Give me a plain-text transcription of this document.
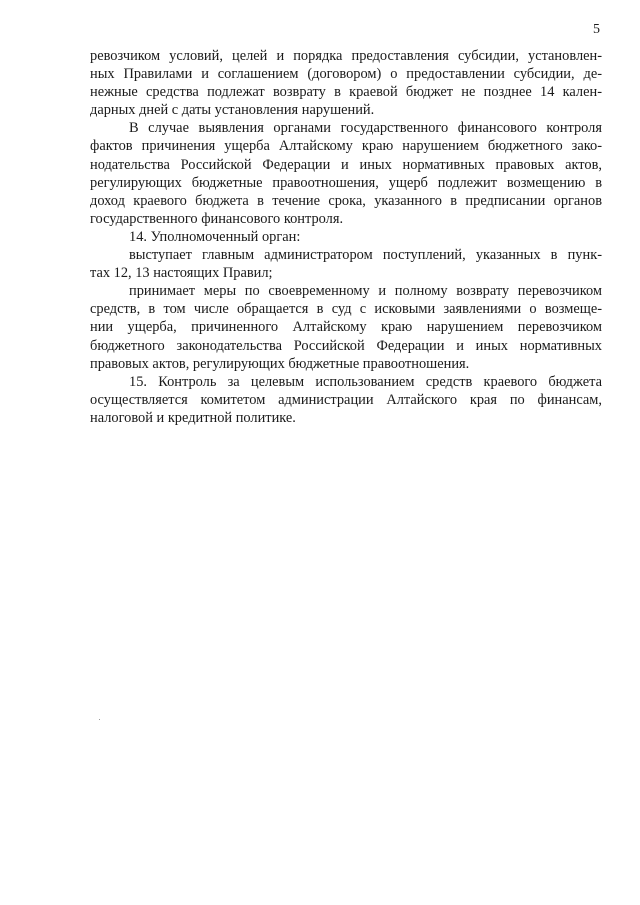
5
ревозчиком условий, целей и порядка предоставления субсидии, установлен-
ных Правилами и соглашением (договором) о предоставлении субсидии, де-
нежные средства подлежат возврату в краевой бюджет не позднее 14 кален-
дарных дней с даты установления нарушений.
В случае выявления органами государственного финансового контроля
фактов причинения ущерба Алтайскому краю нарушением бюджетного зако-
нодательства Российской Федерации и иных нормативных правовых актов,
регулирующих бюджетные правоотношения, ущерб подлежит возмещению в
доход краевого бюджета в течение срока, указанного в предписании органов
государственного финансового контроля.
14. Уполномоченный орган:
выступает главным администратором поступлений, указанных в пунк-
тах 12, 13 настоящих Правил;
принимает меры по своевременному и полному возврату перевозчиком
средств, в том числе обращается в суд с исковыми заявлениями о возмеще-
нии ущерба, причиненного Алтайскому краю нарушением перевозчиком
бюджетного законодательства Российской Федерации и иных нормативных
правовых актов, регулирующих бюджетные правоотношения.
15. Контроль за целевым использованием средств краевого бюджета
осуществляется комитетом администрации Алтайского края по финансам,
налоговой и кредитной политике.
